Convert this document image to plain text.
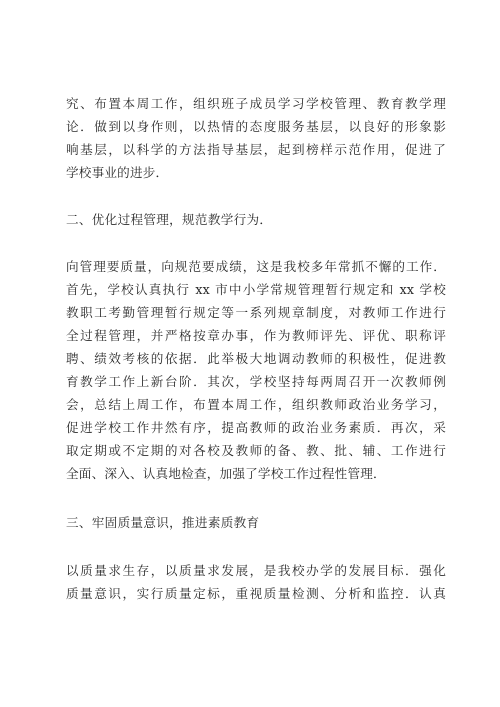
究、布置本周工作，组织班子成员学习学校管理、教育教学理
论．做到以身作则，以热情的态度服务基层，以良好的形象影
响基层，以科学的方法指导基层，起到榜样示范作用，促进了
学校事业的进步．
二、优化过程管理，规范教学行为．
向管理要质量，向规范要成绩，这是我校多年常抓不懈的工作．
首先，学校认真执行 xx 市中小学常规管理暂行规定和 xx 学校
教职工考勤管理暂行规定等一系列规章制度，对教师工作进行
全过程管理，并严格按章办事，作为教师评先、评优、职称评
聘、绩效考核的依据．此举极大地调动教师的积极性，促进教
育教学工作上新台阶．其次，学校坚持每两周召开一次教师例
会，总结上周工作，布置本周工作，组织教师政治业务学习，
促进学校工作井然有序，提高教师的政治业务素质．再次，采
取定期或不定期的对各校及教师的备、教、批、辅、工作进行
全面、深入、认真地检查，加强了学校工作过程性管理．
三、牢固质量意识，推进素质教育
以质量求生存，以质量求发展，是我校办学的发展目标．强化
质量意识，实行质量定标，重视质量检测、分析和监控．认真
